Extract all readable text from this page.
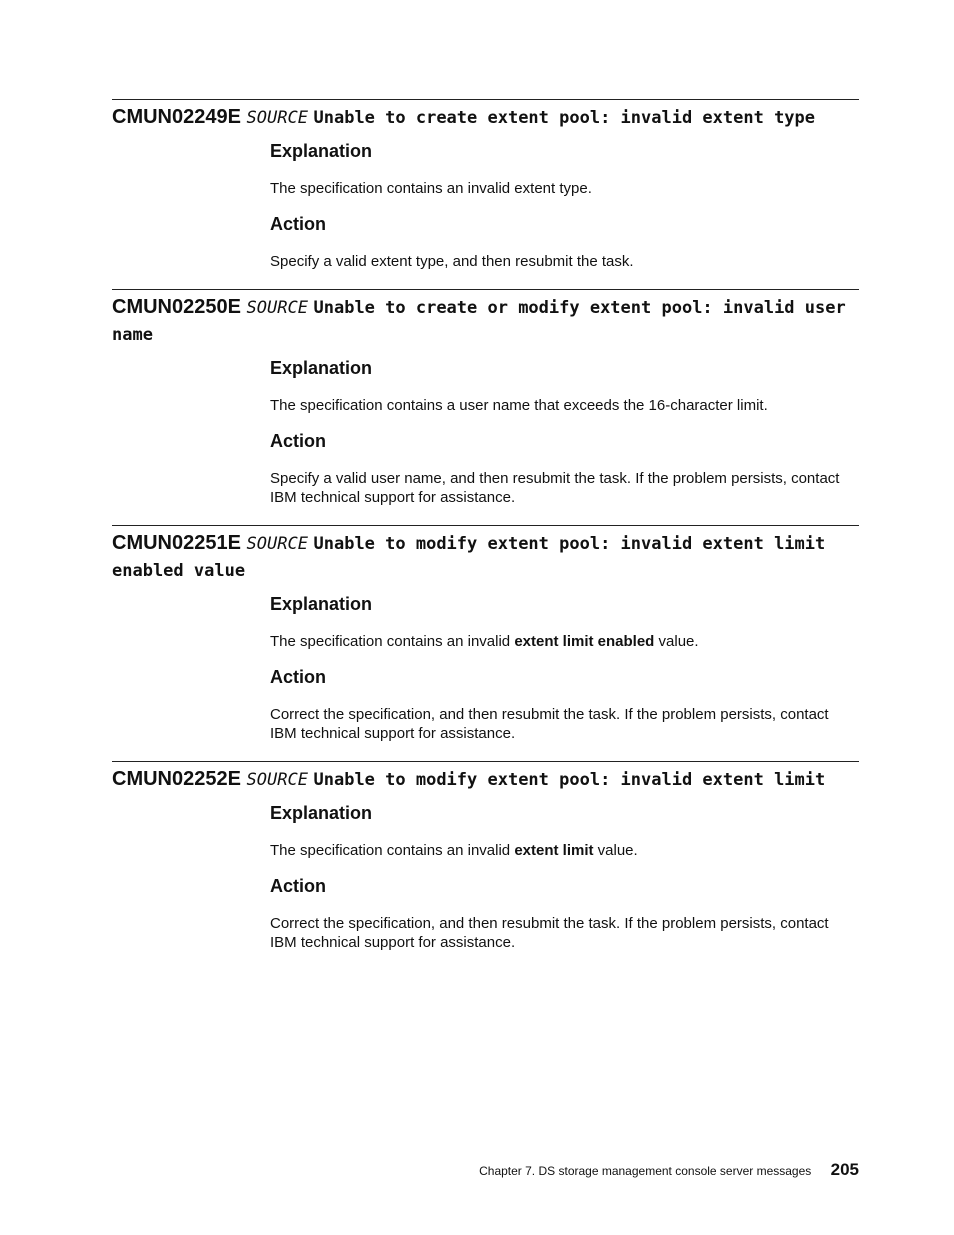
CMUN02249E SOURCE Unable to create extent pool: invalid extent type
Explanation

The specification contains an invalid extent type.

Action

Specify a valid extent type, and then resubmit the task.

CMUN02250E SOURCE Unable to create or modify extent pool: invalid user name
Explanation

The specification contains a user name that exceeds the 16-character limit.

Action

Specify a valid user name, and then resubmit the task. If the problem persists, contact IBM technical support for assistance.

CMUN02251E SOURCE Unable to modify extent pool: invalid extent limit enabled value
Explanation

The specification contains an invalid extent limit enabled value.

Action

Correct the specification, and then resubmit the task. If the problem persists, contact IBM technical support for assistance.

CMUN02252E SOURCE Unable to modify extent pool: invalid extent limit
Explanation

The specification contains an invalid extent limit value.

Action

Correct the specification, and then resubmit the task. If the problem persists, contact IBM technical support for assistance.

Chapter 7. DS storage management console server messages 205
